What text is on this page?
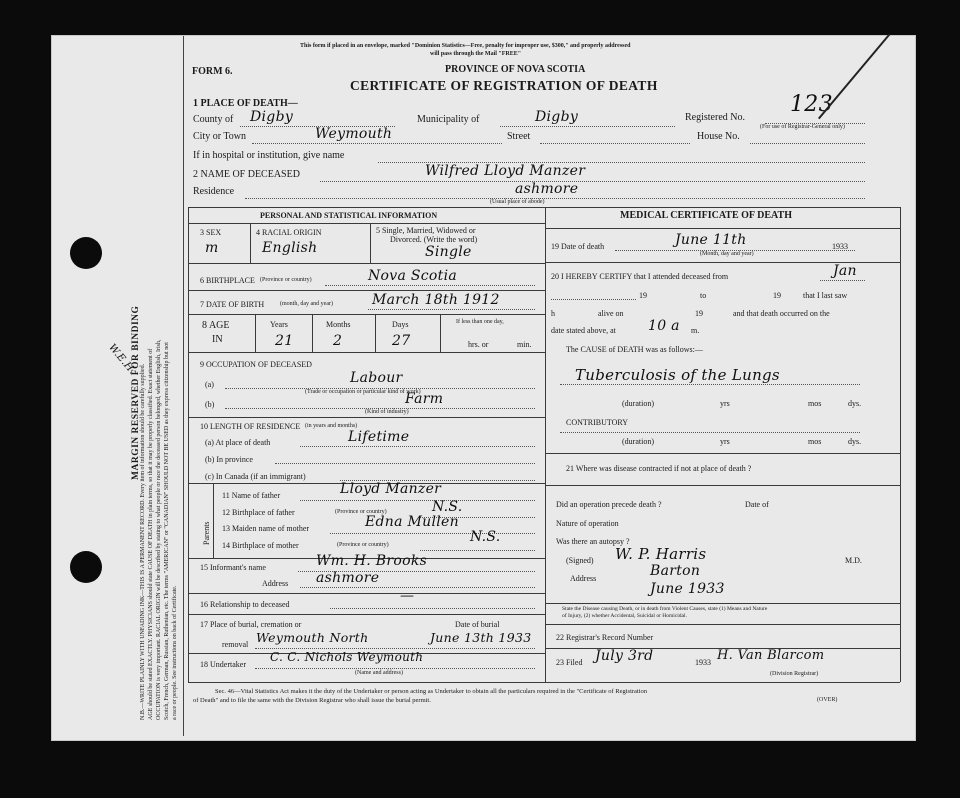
MARGIN RESERVED FOR BINDING N.B.—WRITE PLAINLY WITH UNFADING INK—THIS IS A PERMANENT RECORD. Every item of information should be carefully supplied. AGE should be stated EXACTLY. PHYSICIANS should state CAUSE OF DEATH in plain terms, so that it may be properly classified. Exact statement of OCCUPATION is very important. RACIAL ORIGIN will be described by stating to what people or race the deceased person belonged, whether English, Irish, Scotch, French, German, Russian, Ruthenian, etc. The terms "AMERICAN" or "CANADIAN" SHOULD NOT BE USED as they express citizenship but not a race or people. See instructions on back of Certificate.
W.E.H.
This form if placed in an envelope, marked "Dominion Statistics—Free, penalty for improper use, $300," and properly addressed
will pass through the Mail "FREE"
FORM 6.	PROVINCE OF NOVA SCOTIA
CERTIFICATE OF REGISTRATION OF DEATH
1 PLACE OF DEATH—
County of Digby	Municipality of	Digby	Registered No.
123
(For use of Registrar-General only)
City or Town	Weymouth	Street	House No.
If in hospital or institution, give name
2 NAME OF DECEASED	Wilfred Lloyd Manzer
Residence	ashmore
(Usual place of abode)
PERSONAL AND STATISTICAL INFORMATION
3 SEX
m
4 RACIAL ORIGIN
English
5 Single, Married, Widowed or
Divorced. (Write the word)
Single
6 BIRTHPLACE (Province or country)	Nova Scotia
7 DATE OF BIRTH	(month, day and year)	March 18th 1912
8 AGE
IN
Years
21
Months
2
Days
27
If less than one day,
hrs. or	min.
9 OCCUPATION OF DECEASED
(a)	Labour
(Trade or occupation or particular kind of work)
(b)	Farm
(Kind of industry)
10 LENGTH OF RESIDENCE (in years and months)
(a) At place of death	Lifetime
(b) In province
(c) In Canada (if an immigrant)
Parents
11 Name of father	Lloyd Manzer
12 Birthplace of father	(Province or country)	N.S.
13 Maiden name of mother	Edna Mullen
14 Birthplace of mother	(Province or country)	N.S.
15 Informant's name	Wm. H. Brooks
Address ashmore
16 Relationship to deceased
—
17 Place of burial, cremation or	Date of burial
removal Weymouth North	June 13th 1933
18 Undertaker
C. C. Nichols Weymouth
(Name and address)
MEDICAL CERTIFICATE OF DEATH
19 Date of death	June 11th	1933
(Month, day and year)
20 I HEREBY CERTIFY that I attended deceased from	Jan
19	to	19	that I last saw
h	alive on	19	and that death occurred on the
date stated above, at 10 a m.
The CAUSE of DEATH was as follows:—
Tuberculosis of the Lungs
(duration)	yrs	mos	dys.
CONTRIBUTORY
(duration)	yrs	mos	dys.
21 Where was disease contracted if not at place of death ?
Did an operation precede death ?	Date of
Nature of operation
Was there an autopsy ?
(Signed) W. P. Harris	M.D.
Address	Barton
June 1933
State the Disease causing Death, or in death from Violent Causes, state (1) Means and Nature
of Injury, (2) whether Accidental, Suicidal or Homicidal.
22 Registrar's Record Number
23 Filed July 3rd	1933 H. Van Blarcom
(Division Registrar)
Sec. 46—Vital Statistics Act makes it the duty of the Undertaker or person acting as Undertaker to obtain all the particulars required in the "Certificate of Registration
of Death" and to file the same with the Division Registrar who shall issue the burial permit.	(OVER)
